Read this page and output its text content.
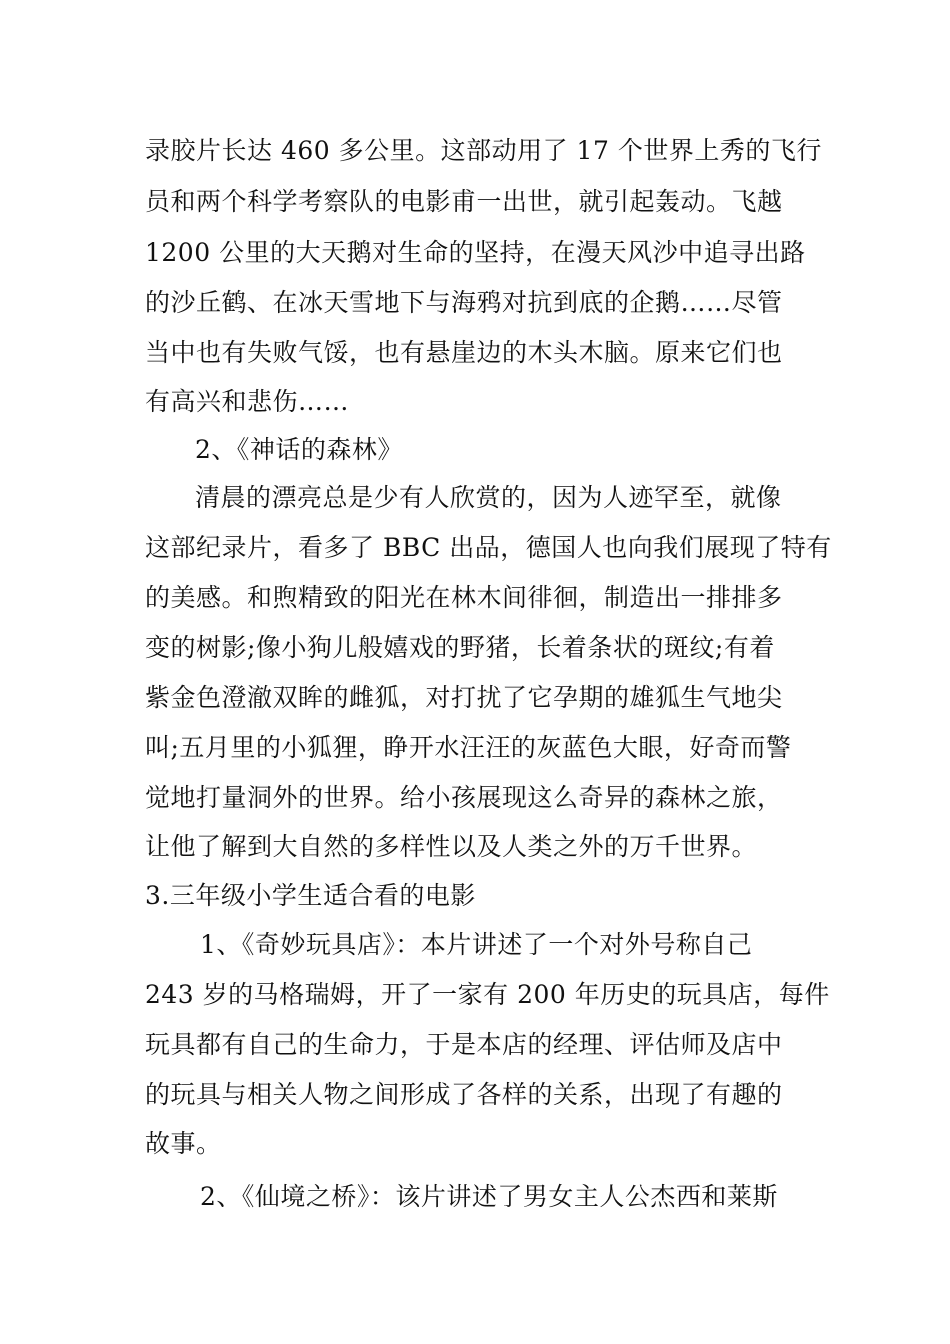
录胶片长达 460 多公里。这部动用了 17 个世界上秀的飞行
员和两个科学考察队的电影甫一出世，就引起轰动。飞越
1200 公里的大天鹅对生命的坚持，在漫天风沙中追寻出路
的沙丘鹤、在冰天雪地下与海鸦对抗到底的企鹅……尽管
当中也有失败气馁，也有悬崖边的木头木脑。原来它们也
有高兴和悲伤……
2、《神话的森林》
清晨的漂亮总是少有人欣赏的，因为人迹罕至，就像
这部纪录片，看多了 BBC 出品，德国人也向我们展现了特有
的美感。和煦精致的阳光在林木间徘徊，制造出一排排多
变的树影;像小狗儿般嬉戏的野猪，长着条状的斑纹;有着
紫金色澄澈双眸的雌狐，对打扰了它孕期的雄狐生气地尖
叫;五月里的小狐狸，睁开水汪汪的灰蓝色大眼，好奇而警
觉地打量洞外的世界。给小孩展现这么奇异的森林之旅，
让他了解到大自然的多样性以及人类之外的万千世界。
3.三年级小学生适合看的电影
1、《奇妙玩具店》：本片讲述了一个对外号称自己
243 岁的马格瑞姆，开了一家有 200 年历史的玩具店，每件
玩具都有自己的生命力，于是本店的经理、评估师及店中
的玩具与相关人物之间形成了各样的关系，出现了有趣的
故事。
2、《仙境之桥》：该片讲述了男女主人公杰西和莱斯
